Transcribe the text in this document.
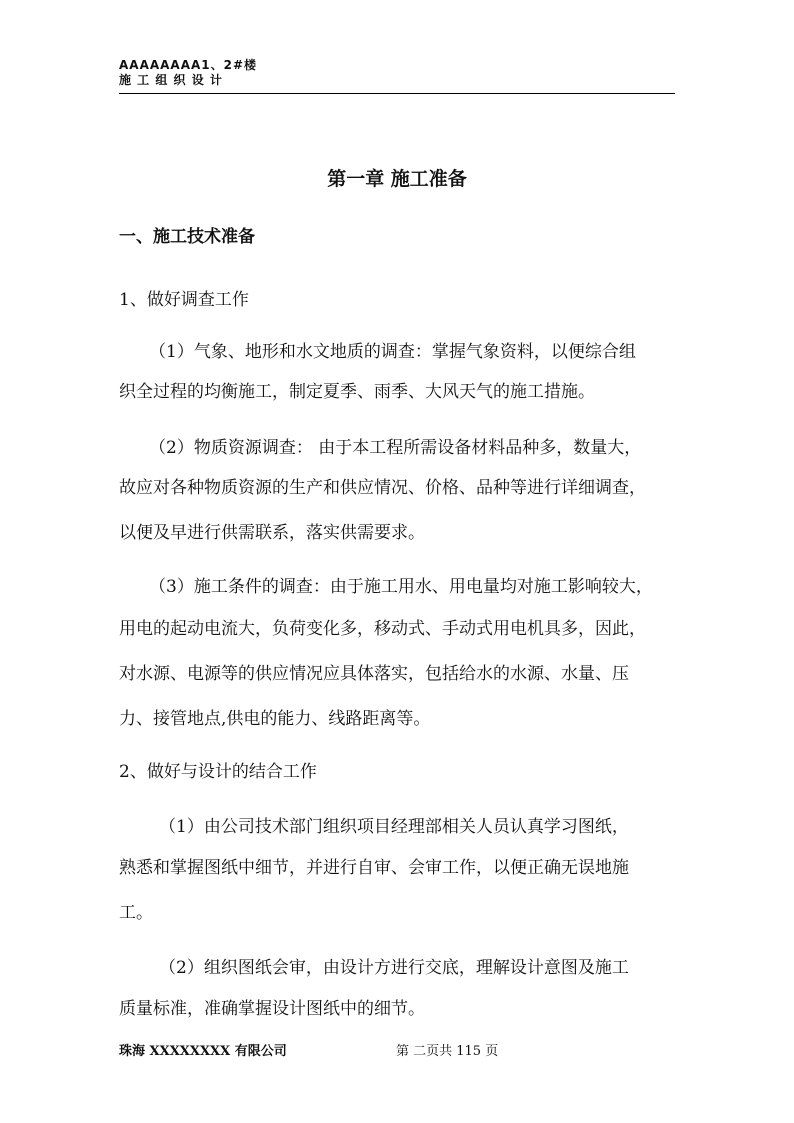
AAAAAAAA1、2#楼
施 工 组 织 设 计
第一章 施工准备
一、施工技术准备
1、做好调查工作
（1）气象、地形和水文地质的调查：掌握气象资料，以便综合组
织全过程的均衡施工，制定夏季、雨季、大风天气的施工措施。
（2）物质资源调查： 由于本工程所需设备材料品种多，数量大，
故应对各种物质资源的生产和供应情况、价格、品种等进行详细调查，
以便及早进行供需联系，落实供需要求。
（3）施工条件的调查：由于施工用水、用电量均对施工影响较大，
用电的起动电流大，负荷变化多，移动式、手动式用电机具多，因此，
对水源、电源等的供应情况应具体落实，包括给水的水源、水量、压
力、接管地点,供电的能力、线路距离等。
2、做好与设计的结合工作
（1）由公司技术部门组织项目经理部相关人员认真学习图纸，
熟悉和掌握图纸中细节，并进行自审、会审工作，以便正确无误地施
工。
（2）组织图纸会审，由设计方进行交底，理解设计意图及施工
质量标准，准确掌握设计图纸中的细节。
珠海 XXXXXXXX 有限公司	第 二页共 115 页
